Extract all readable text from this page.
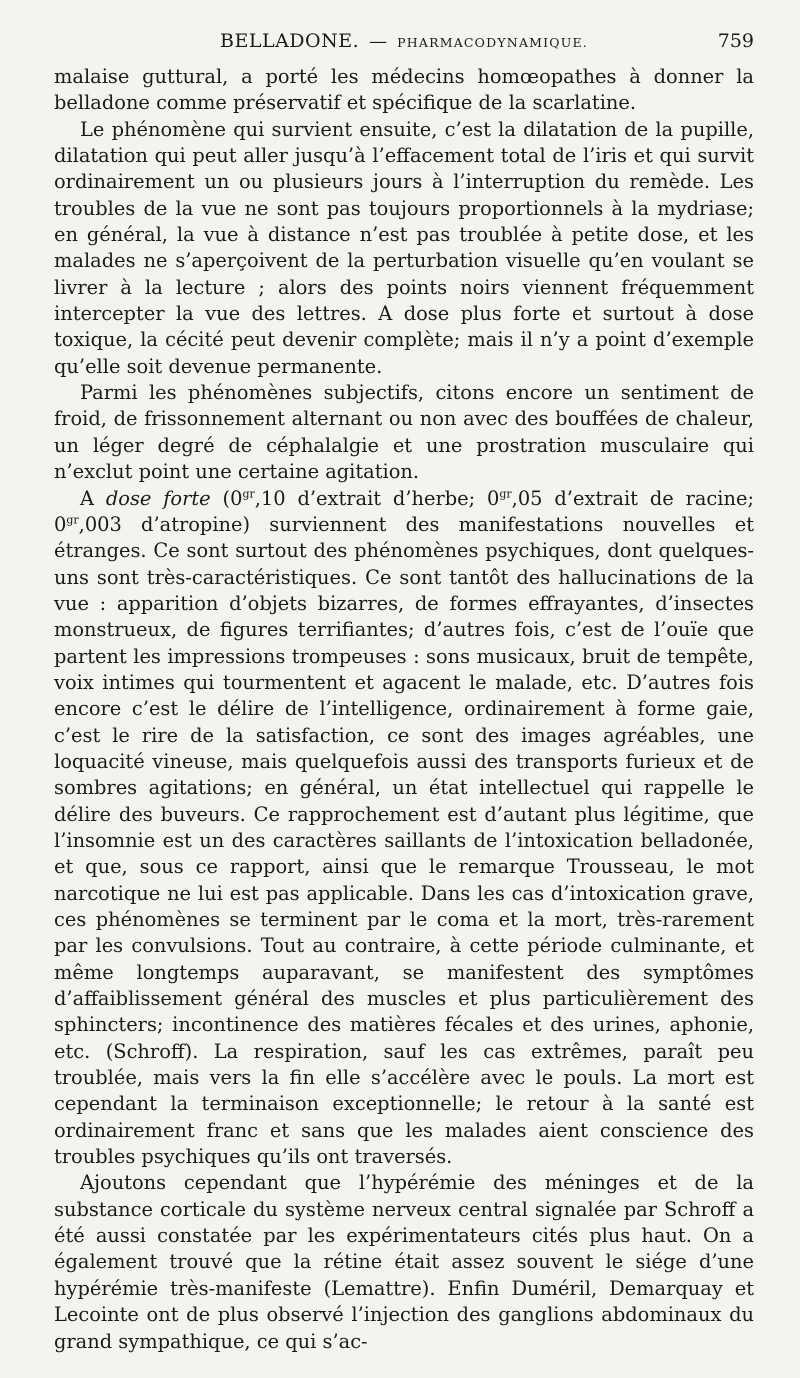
BELLADONE. — PHARMACODYNAMIQUE.	759

malaise guttural, a porté les médecins homœopathes à donner la belladone comme préservatif et spécifique de la scarlatine.

Le phénomène qui survient ensuite, c’est la dilatation de la pupille, dilatation qui peut aller jusqu’à l’effacement total de l’iris et qui survit ordinairement un ou plusieurs jours à l’interruption du remède. Les troubles de la vue ne sont pas toujours proportionnels à la mydriase; en général, la vue à distance n’est pas troublée à petite dose, et les malades ne s’aperçoivent de la perturbation visuelle qu’en voulant se livrer à la lecture ; alors des points noirs viennent fréquemment intercepter la vue des lettres. A dose plus forte et surtout à dose toxique, la cécité peut devenir complète; mais il n’y a point d’exemple qu’elle soit devenue permanente.

Parmi les phénomènes subjectifs, citons encore un sentiment de froid, de frissonnement alternant ou non avec des bouffées de chaleur, un léger degré de céphalalgie et une prostration musculaire qui n’exclut point une certaine agitation.

A dose forte ($0^{gr},10$ d’extrait d’herbe; $0^{gr},05$ d’extrait de racine; $0^{gr},003$ d’atropine) surviennent des manifestations nouvelles et étranges. Ce sont surtout des phénomènes psychiques, dont quelques-uns sont très-caractéristiques. Ce sont tantôt des hallucinations de la vue : apparition d’objets bizarres, de formes effrayantes, d’insectes monstrueux, de figures terrifiantes; d’autres fois, c’est de l’ouïe que partent les impressions trompeuses : sons musicaux, bruit de tempête, voix intimes qui tourmentent et agacent le malade, etc. D’autres fois encore c’est le délire de l’intelligence, ordinairement à forme gaie, c’est le rire de la satisfaction, ce sont des images agréables, une loquacité vineuse, mais quelquefois aussi des transports furieux et de sombres agitations; en général, un état intellectuel qui rappelle le délire des buveurs. Ce rapprochement est d’autant plus légitime, que l’insomnie est un des caractères saillants de l’intoxication belladonée, et que, sous ce rapport, ainsi que le remarque Trousseau, le mot narcotique ne lui est pas applicable. Dans les cas d’intoxication grave, ces phénomènes se terminent par le coma et la mort, très-rarement par les convulsions. Tout au contraire, à cette période culminante, et même longtemps auparavant, se manifestent des symptômes d’affaiblissement général des muscles et plus particulièrement des sphincters; incontinence des matières fécales et des urines, aphonie, etc. (Schroff). La respiration, sauf les cas extrêmes, paraît peu troublée, mais vers la fin elle s’accélère avec le pouls. La mort est cependant la terminaison exceptionnelle; le retour à la santé est ordinairement franc et sans que les malades aient conscience des troubles psychiques qu’ils ont traversés.

Ajoutons cependant que l’hypérémie des méninges et de la substance corticale du système nerveux central signalée par Schroff a été aussi constatée par les expérimentateurs cités plus haut. On a également trouvé que la rétine était assez souvent le siége d’une hypérémie très-manifeste (Lemattre). Enfin Duméril, Demarquay et Lecointe ont de plus observé l’injection des ganglions abdominaux du grand sympathique, ce qui s’ac-
